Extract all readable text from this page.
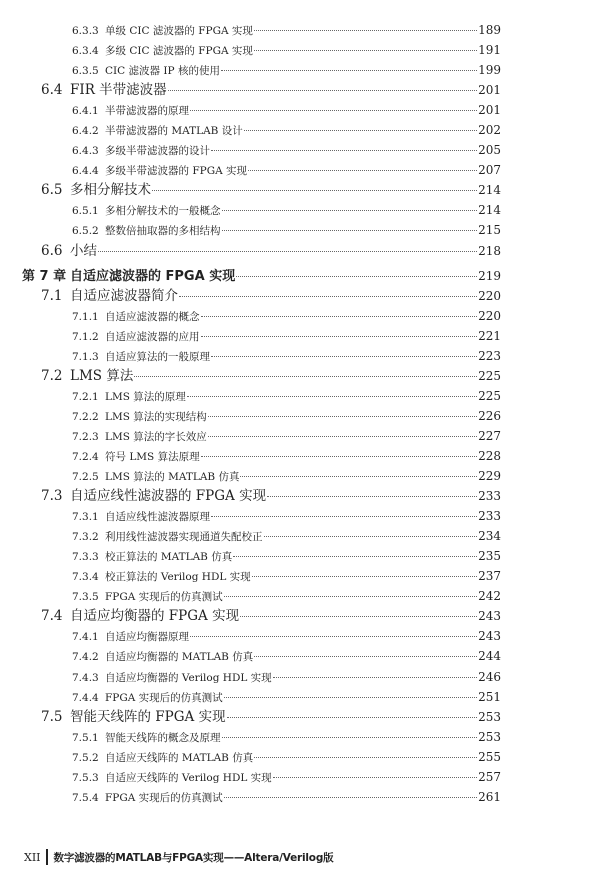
6.3.3 单级 CIC 滤波器的 FPGA 实现	189
6.3.4 多级 CIC 滤波器的 FPGA 实现	191
6.3.5 CIC 滤波器 IP 核的使用	199
6.4 FIR 半带滤波器	201
6.4.1 半带滤波器的原理	201
6.4.2 半带滤波器的 MATLAB 设计	202
6.4.3 多级半带滤波器的设计	205
6.4.4 多级半带滤波器的 FPGA 实现	207
6.5 多相分解技术	214
6.5.1 多相分解技术的一般概念	214
6.5.2 整数倍抽取器的多相结构	215
6.6 小结	218
第 7 章 自适应滤波器的 FPGA 实现	219
7.1 自适应滤波器简介	220
7.1.1 自适应滤波器的概念	220
7.1.2 自适应滤波器的应用	221
7.1.3 自适应算法的一般原理	223
7.2 LMS 算法	225
7.2.1 LMS 算法的原理	225
7.2.2 LMS 算法的实现结构	226
7.2.3 LMS 算法的字长效应	227
7.2.4 符号 LMS 算法原理	228
7.2.5 LMS 算法的 MATLAB 仿真	229
7.3 自适应线性滤波器的 FPGA 实现	233
7.3.1 自适应线性滤波器原理	233
7.3.2 利用线性滤波器实现通道失配校正	234
7.3.3 校正算法的 MATLAB 仿真	235
7.3.4 校正算法的 Verilog HDL 实现	237
7.3.5 FPGA 实现后的仿真测试	242
7.4 自适应均衡器的 FPGA 实现	243
7.4.1 自适应均衡器原理	243
7.4.2 自适应均衡器的 MATLAB 仿真	244
7.4.3 自适应均衡器的 Verilog HDL 实现	246
7.4.4 FPGA 实现后的仿真测试	251
7.5 智能天线阵的 FPGA 实现	253
7.5.1 智能天线阵的概念及原理	253
7.5.2 自适应天线阵的 MATLAB 仿真	255
7.5.3 自适应天线阵的 Verilog HDL 实现	257
7.5.4 FPGA 实现后的仿真测试	261
XII 数字滤波器的MATLAB与FPGA实现——Altera/Verilog版
